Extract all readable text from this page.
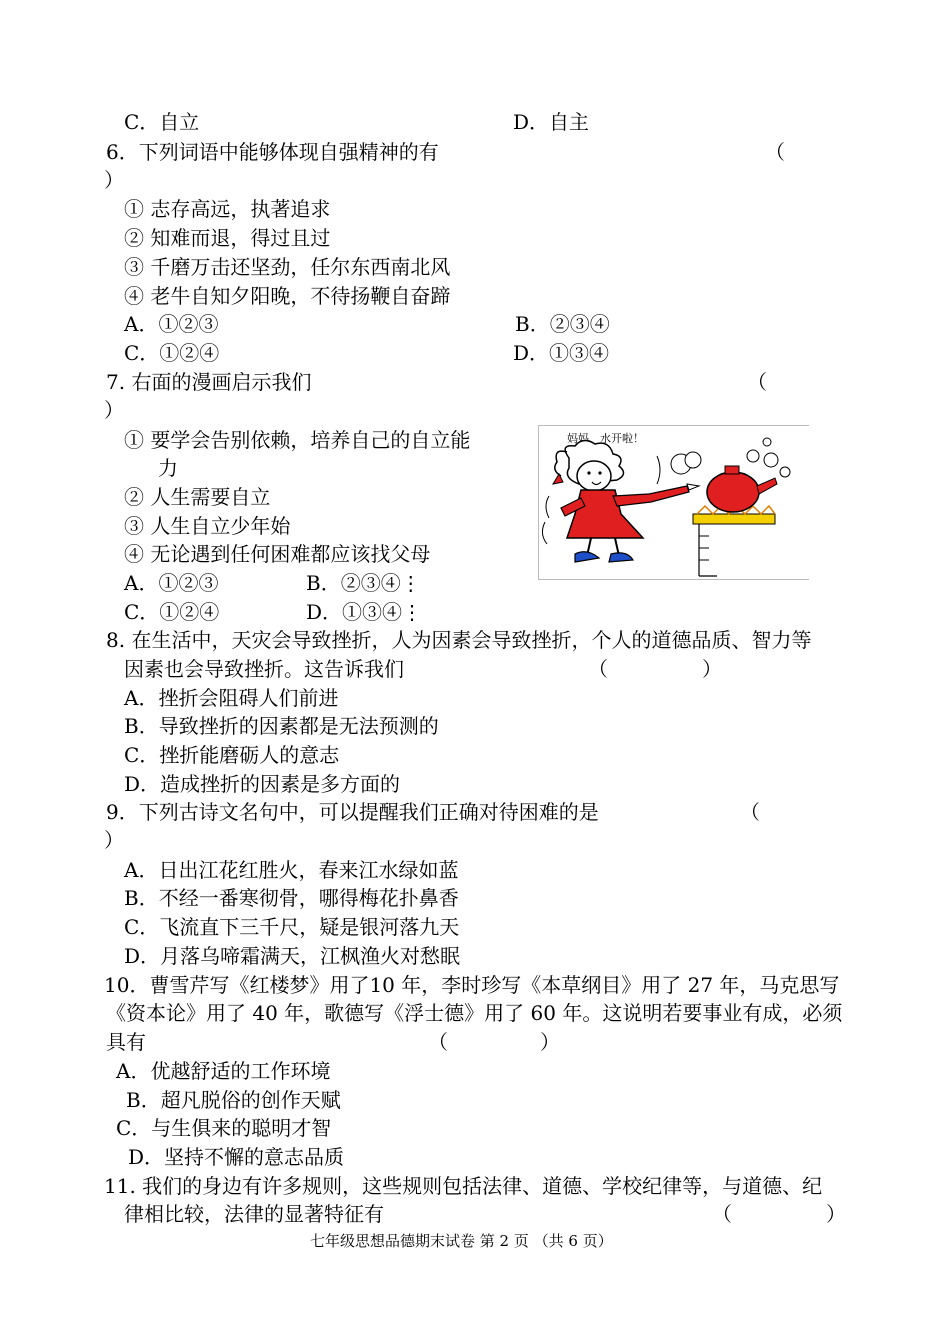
C．自立	D．自主
6．下列词语中能够体现自强精神的有	（
）
① 志存高远，执著追求
② 知难而退，得过且过
③ 千磨万击还坚劲，任尔东西南北风
④ 老牛自知夕阳晚，不待扬鞭自奋蹄
A．①②③	B．②③④
C．①②④	D．①③④
7. 右面的漫画启示我们	（
）
① 要学会告别依赖，培养自己的自立能
力
② 人生需要自立
③ 人生自立少年始
④ 无论遇到任何困难都应该找父母
A．①②③	B．②③④⋮
C．①②④	D．①③④⋮
妈妈，水开啦！
8. 在生活中，天灾会导致挫折，人为因素会导致挫折，个人的道德品质、智力等
因素也会导致挫折。这告诉我们	（	）
A．挫折会阻碍人们前进
B．导致挫折的因素都是无法预测的
C．挫折能磨砺人的意志
D．造成挫折的因素是多方面的
9．下列古诗文名句中，可以提醒我们正确对待困难的是	（
）
A．日出江花红胜火，春来江水绿如蓝
B．不经一番寒彻骨，哪得梅花扑鼻香
C．飞流直下三千尺，疑是银河落九天
D．月落乌啼霜满天，江枫渔火对愁眠
10．曹雪芹写《红楼梦》用了10 年，李时珍写《本草纲目》用了 27 年，马克思写
《资本论》用了 40 年，歌德写《浮士德》用了 60 年。这说明若要事业有成，必须
具有	（	）
A．优越舒适的工作环境
B．超凡脱俗的创作天赋
C．与生俱来的聪明才智
D．坚持不懈的意志品质
11. 我们的身边有许多规则，这些规则包括法律、道德、学校纪律等，与道德、纪
律相比较，法律的显著特征有	（	）
七年级思想品德期末试卷 第 2 页 （共 6 页）
